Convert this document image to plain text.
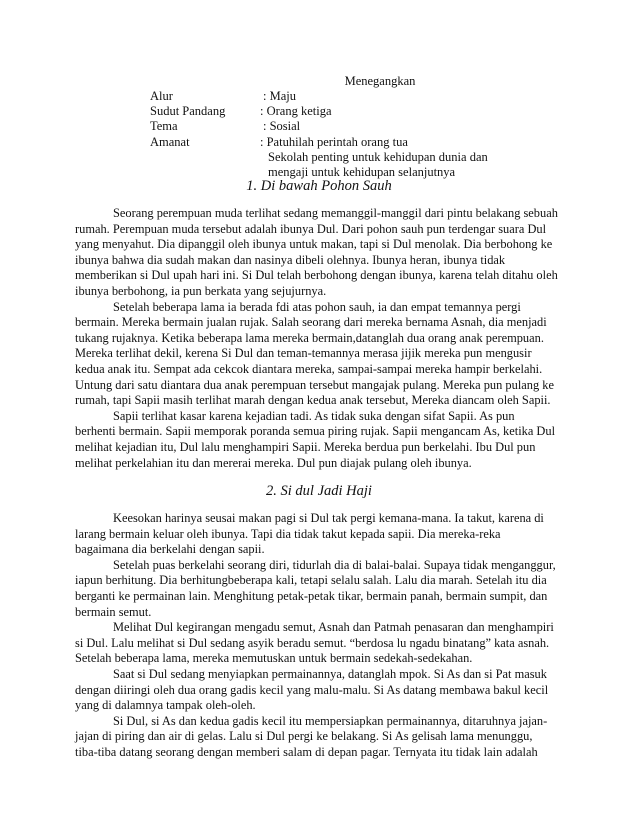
Menegangkan
Alur	: Maju
Sudut Pandang	: Orang ketiga
Tema	: Sosial
Amanat	: Patuhilah perintah orang tua
Sekolah penting untuk kehidupan dunia dan
mengaji untuk kehidupan selanjutnya
1. Di bawah Pohon Sauh
Seorang perempuan muda terlihat sedang memanggil-manggil dari pintu belakang sebuah
rumah. Perempuan muda tersebut adalah ibunya Dul. Dari pohon sauh pun terdengar suara Dul
yang menyahut. Dia dipanggil oleh ibunya untuk makan, tapi si Dul menolak. Dia berbohong ke
ibunya bahwa dia sudah makan dan nasinya dibeli olehnya. Ibunya heran, ibunya tidak
memberikan si Dul upah hari ini. Si Dul telah berbohong dengan ibunya, karena telah ditahu oleh
ibunya berbohong, ia pun berkata yang sejujurnya.
Setelah beberapa lama ia berada fdi atas pohon sauh, ia dan empat temannya pergi
bermain. Mereka bermain jualan rujak. Salah seorang dari mereka bernama Asnah, dia menjadi
tukang rujaknya. Ketika beberapa lama mereka bermain,datanglah dua orang anak perempuan.
Mereka terlihat dekil, kerena Si Dul dan teman-temannya merasa jijik mereka pun mengusir
kedua anak itu. Sempat ada cekcok diantara mereka, sampai-sampai mereka hampir berkelahi.
Untung dari satu diantara dua anak perempuan tersebut mangajak pulang. Mereka pun pulang ke
rumah, tapi Sapii masih terlihat marah dengan kedua anak tersebut, Mereka diancam oleh Sapii.
Sapii terlihat kasar karena kejadian tadi. As tidak suka dengan sifat Sapii. As pun
berhenti bermain. Sapii memporak poranda semua piring rujak. Sapii mengancam As, ketika Dul
melihat kejadian itu, Dul lalu menghampiri Sapii. Mereka berdua pun berkelahi. Ibu Dul pun
melihat perkelahian itu dan mererai mereka. Dul pun diajak pulang oleh ibunya.
2. Si dul Jadi Haji
Keesokan harinya seusai makan pagi si Dul tak pergi kemana-mana. Ia takut, karena di
larang bermain keluar oleh ibunya. Tapi dia tidak takut kepada sapii. Dia mereka-reka
bagaimana dia berkelahi dengan sapii.
Setelah puas berkelahi seorang diri, tidurlah dia di balai-balai. Supaya tidak menganggur,
iapun berhitung. Dia berhitungbeberapa kali, tetapi selalu salah. Lalu dia marah. Setelah itu dia
berganti ke permainan lain. Menghitung petak-petak tikar, bermain panah, bermain sumpit, dan
bermain semut.
Melihat Dul kegirangan mengadu semut, Asnah dan Patmah penasaran dan menghampiri
si Dul. Lalu melihat si Dul sedang asyik beradu semut. “berdosa lu ngadu binatang” kata asnah.
Setelah beberapa lama, mereka memutuskan untuk bermain sedekah-sedekahan.
Saat si Dul sedang menyiapkan permainannya, datanglah mpok. Si As dan si Pat masuk
dengan diiringi oleh dua orang gadis kecil yang malu-malu. Si As datang membawa bakul kecil
yang di dalamnya tampak oleh-oleh.
Si Dul, si As dan kedua gadis kecil itu mempersiapkan permainannya, ditaruhnya jajan-
jajan di piring dan air di gelas. Lalu si Dul pergi ke belakang. Si As gelisah lama menunggu,
tiba-tiba datang seorang dengan memberi salam di depan pagar. Ternyata itu tidak lain adalah
